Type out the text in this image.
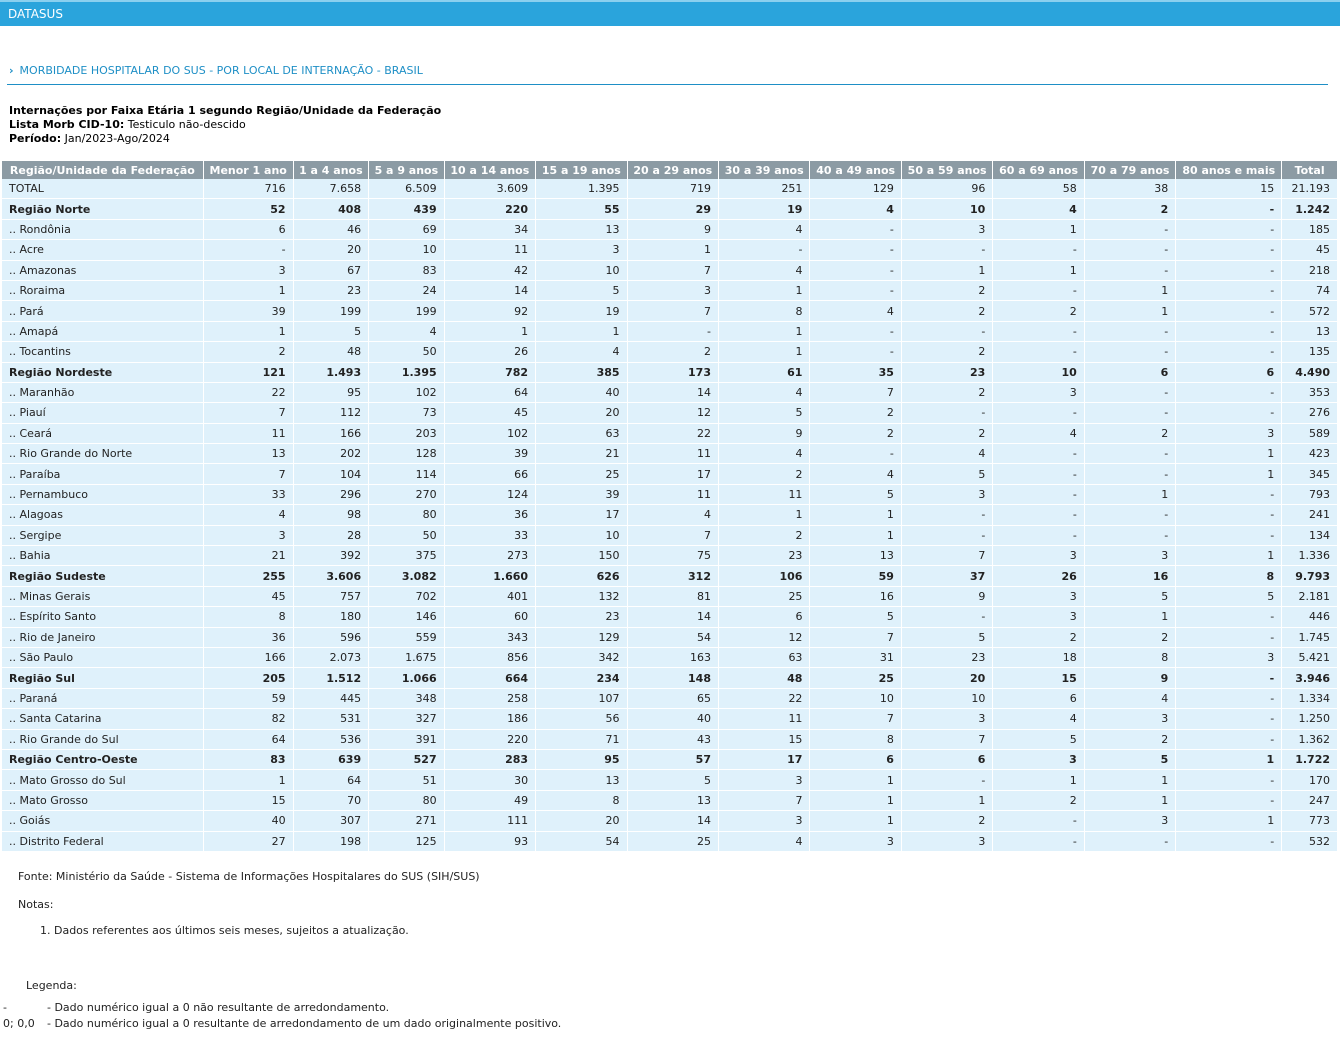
DATASUS
› MORBIDADE HOSPITALAR DO SUS - POR LOCAL DE INTERNAÇÃO - BRASIL
Internações por Faixa Etária 1 segundo Região/Unidade da Federação
Lista Morb CID-10: Testiculo não-descido
Período: Jan/2023-Ago/2024
Região/Unidade da Federação	Menor 1 ano	1 a 4 anos	5 a 9 anos	10 a 14 anos	15 a 19 anos	20 a 29 anos	30 a 39 anos	40 a 49 anos	50 a 59 anos	60 a 69 anos	70 a 79 anos	80 anos e mais	Total
TOTAL	716	7.658	6.509	3.609	1.395	719	251	129	96	58	38	15	21.193
Região Norte	52	408	439	220	55	29	19	4	10	4	2	-	1.242
.. Rondônia	6	46	69	34	13	9	4	-	3	1	-	-	185
.. Acre	-	20	10	11	3	1	-	-	-	-	-	-	45
.. Amazonas	3	67	83	42	10	7	4	-	1	1	-	-	218
.. Roraima	1	23	24	14	5	3	1	-	2	-	1	-	74
.. Pará	39	199	199	92	19	7	8	4	2	2	1	-	572
.. Amapá	1	5	4	1	1	-	1	-	-	-	-	-	13
.. Tocantins	2	48	50	26	4	2	1	-	2	-	-	-	135
Região Nordeste	121	1.493	1.395	782	385	173	61	35	23	10	6	6	4.490
.. Maranhão	22	95	102	64	40	14	4	7	2	3	-	-	353
.. Piauí	7	112	73	45	20	12	5	2	-	-	-	-	276
.. Ceará	11	166	203	102	63	22	9	2	2	4	2	3	589
.. Rio Grande do Norte	13	202	128	39	21	11	4	-	4	-	-	1	423
.. Paraíba	7	104	114	66	25	17	2	4	5	-	-	1	345
.. Pernambuco	33	296	270	124	39	11	11	5	3	-	1	-	793
.. Alagoas	4	98	80	36	17	4	1	1	-	-	-	-	241
.. Sergipe	3	28	50	33	10	7	2	1	-	-	-	-	134
.. Bahia	21	392	375	273	150	75	23	13	7	3	3	1	1.336
Região Sudeste	255	3.606	3.082	1.660	626	312	106	59	37	26	16	8	9.793
.. Minas Gerais	45	757	702	401	132	81	25	16	9	3	5	5	2.181
.. Espírito Santo	8	180	146	60	23	14	6	5	-	3	1	-	446
.. Rio de Janeiro	36	596	559	343	129	54	12	7	5	2	2	-	1.745
.. São Paulo	166	2.073	1.675	856	342	163	63	31	23	18	8	3	5.421
Região Sul	205	1.512	1.066	664	234	148	48	25	20	15	9	-	3.946
.. Paraná	59	445	348	258	107	65	22	10	10	6	4	-	1.334
.. Santa Catarina	82	531	327	186	56	40	11	7	3	4	3	-	1.250
.. Rio Grande do Sul	64	536	391	220	71	43	15	8	7	5	2	-	1.362
Região Centro-Oeste	83	639	527	283	95	57	17	6	6	3	5	1	1.722
.. Mato Grosso do Sul	1	64	51	30	13	5	3	1	-	1	1	-	170
.. Mato Grosso	15	70	80	49	8	13	7	1	1	2	1	-	247
.. Goiás	40	307	271	111	20	14	3	1	2	-	3	1	773
.. Distrito Federal	27	198	125	93	54	25	4	3	3	-	-	-	532
Fonte: Ministério da Saúde - Sistema de Informações Hospitalares do SUS (SIH/SUS)
Notas:
1. Dados referentes aos últimos seis meses, sujeitos a atualização.
Legenda:
-	- Dado numérico igual a 0 não resultante de arredondamento.
0; 0,0 - Dado numérico igual a 0 resultante de arredondamento de um dado originalmente positivo.
